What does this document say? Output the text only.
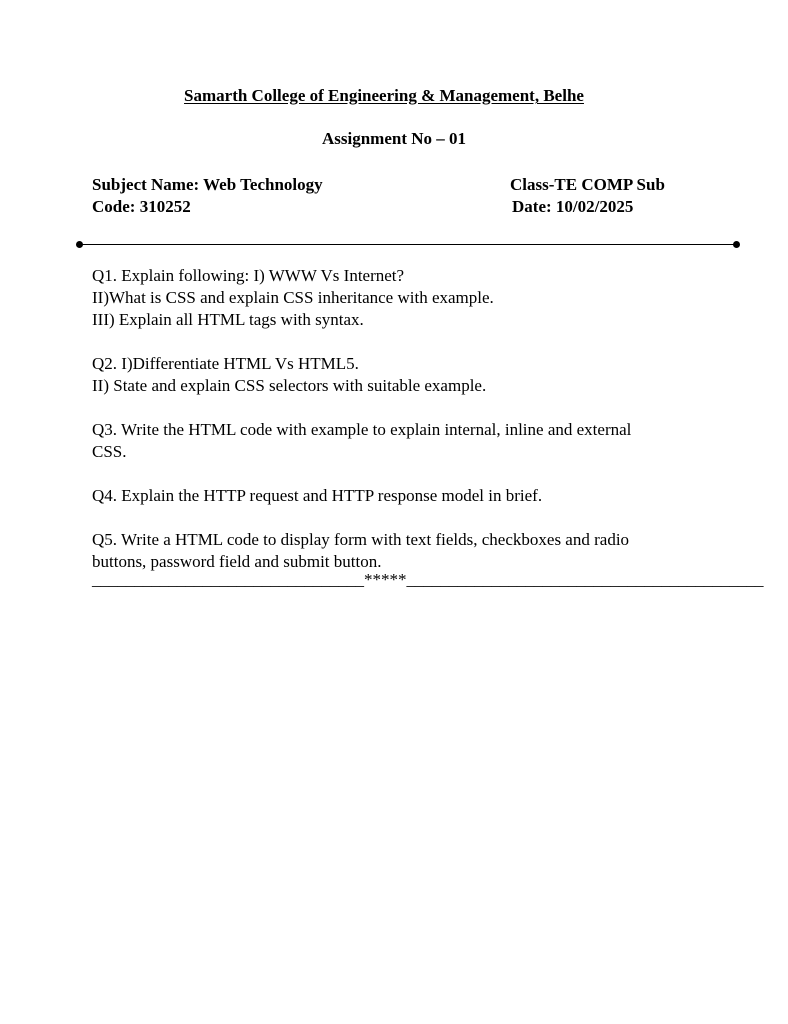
Samarth College of Engineering & Management, Belhe
Assignment No – 01
Subject Name: Web Technology
Code: 310252
Class-TE COMP Sub
Date: 10/02/2025
Q1. Explain following: I) WWW Vs Internet?
II)What is CSS and explain CSS inheritance with example.
III) Explain all HTML tags with syntax.
Q2. I)Differentiate HTML Vs HTML5.
II) State and explain CSS selectors with suitable example.
Q3. Write the HTML code with example to explain internal, inline and external
CSS.
Q4. Explain the HTTP request and HTTP response model in brief.
Q5. Write a HTML code to display form with text fields, checkboxes and radio
buttons, password field and submit button.
________________________________*****__________________________________________
